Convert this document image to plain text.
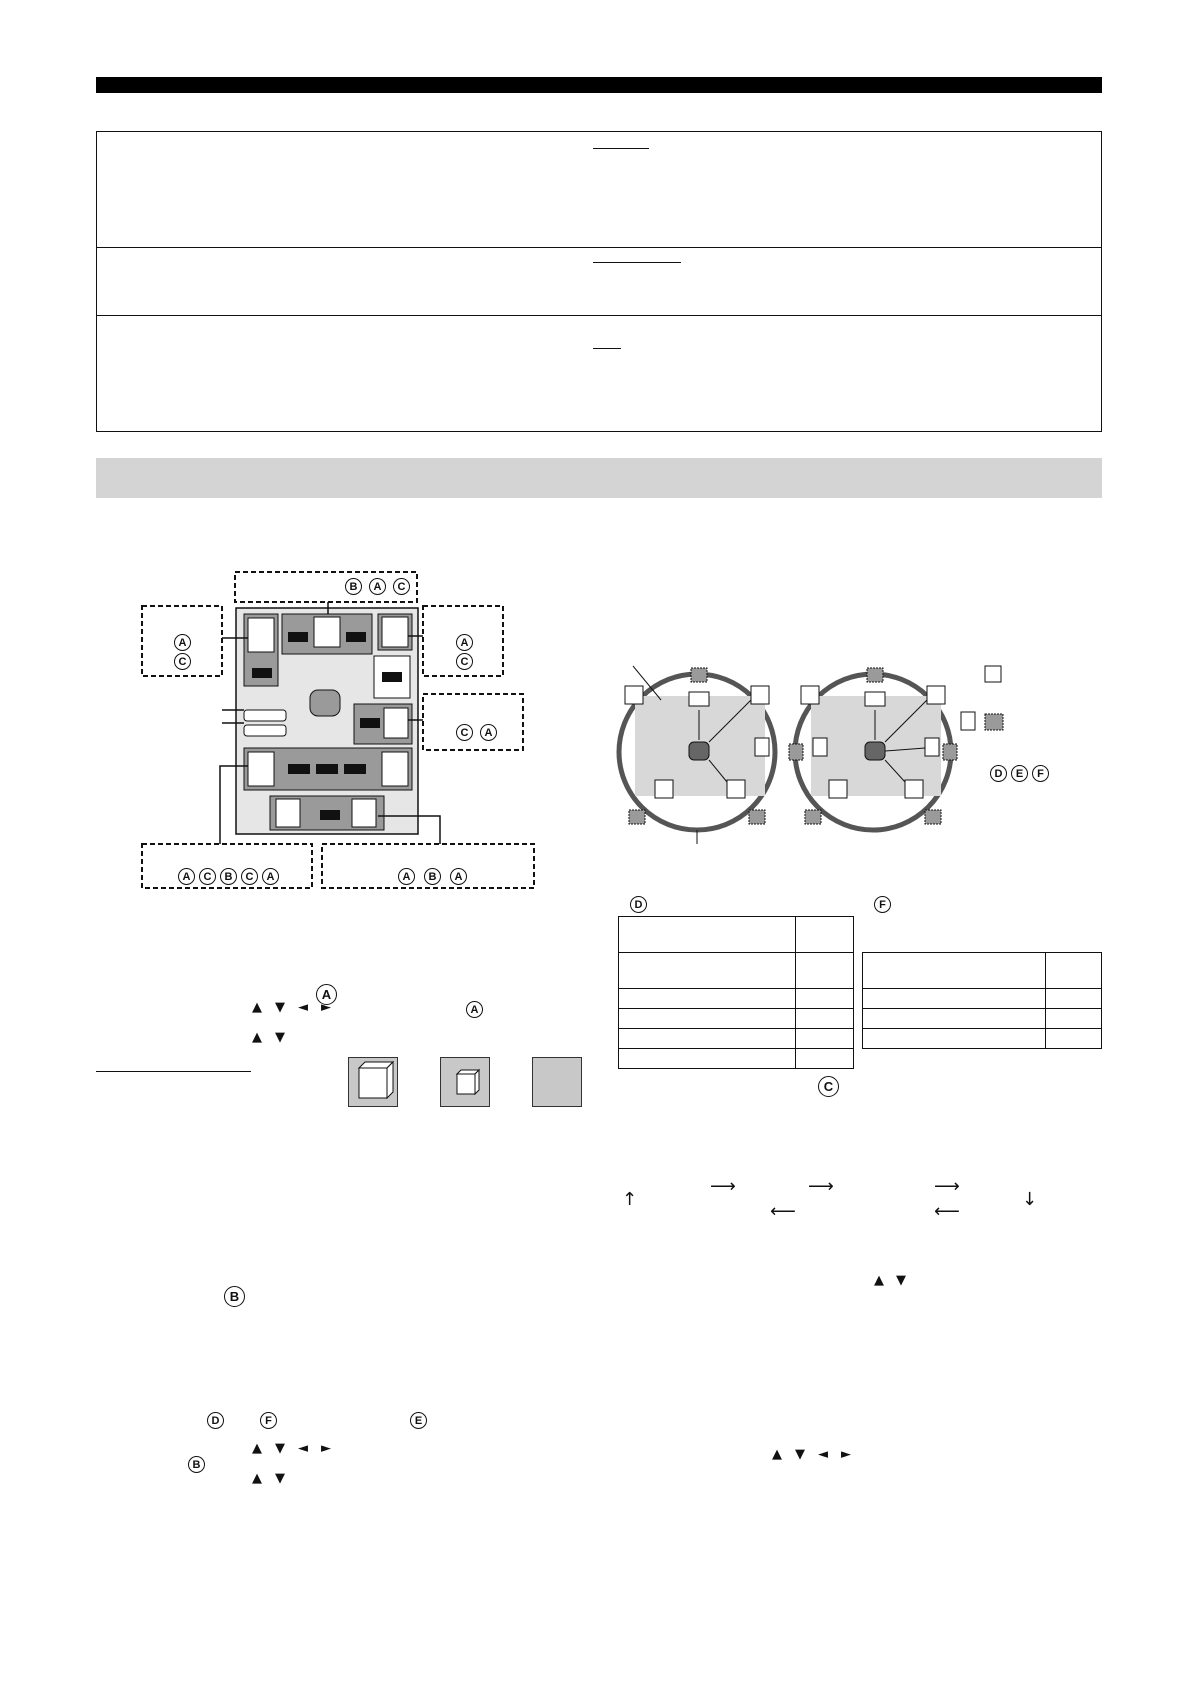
B	A	C
A
C
A
C
C	A
A	C	B	C	A	A	B	A
D	E	F
D

		F

C
A
▲ ▼ ◄ ►	A
▲ ▼
↑
⟶	⟶	⟶
↓
⟵	⟵
▲ ▼
B
D	F	E
▲ ▼ ◄ ►
B
▲ ▼
▲ ▼ ◄ ►
